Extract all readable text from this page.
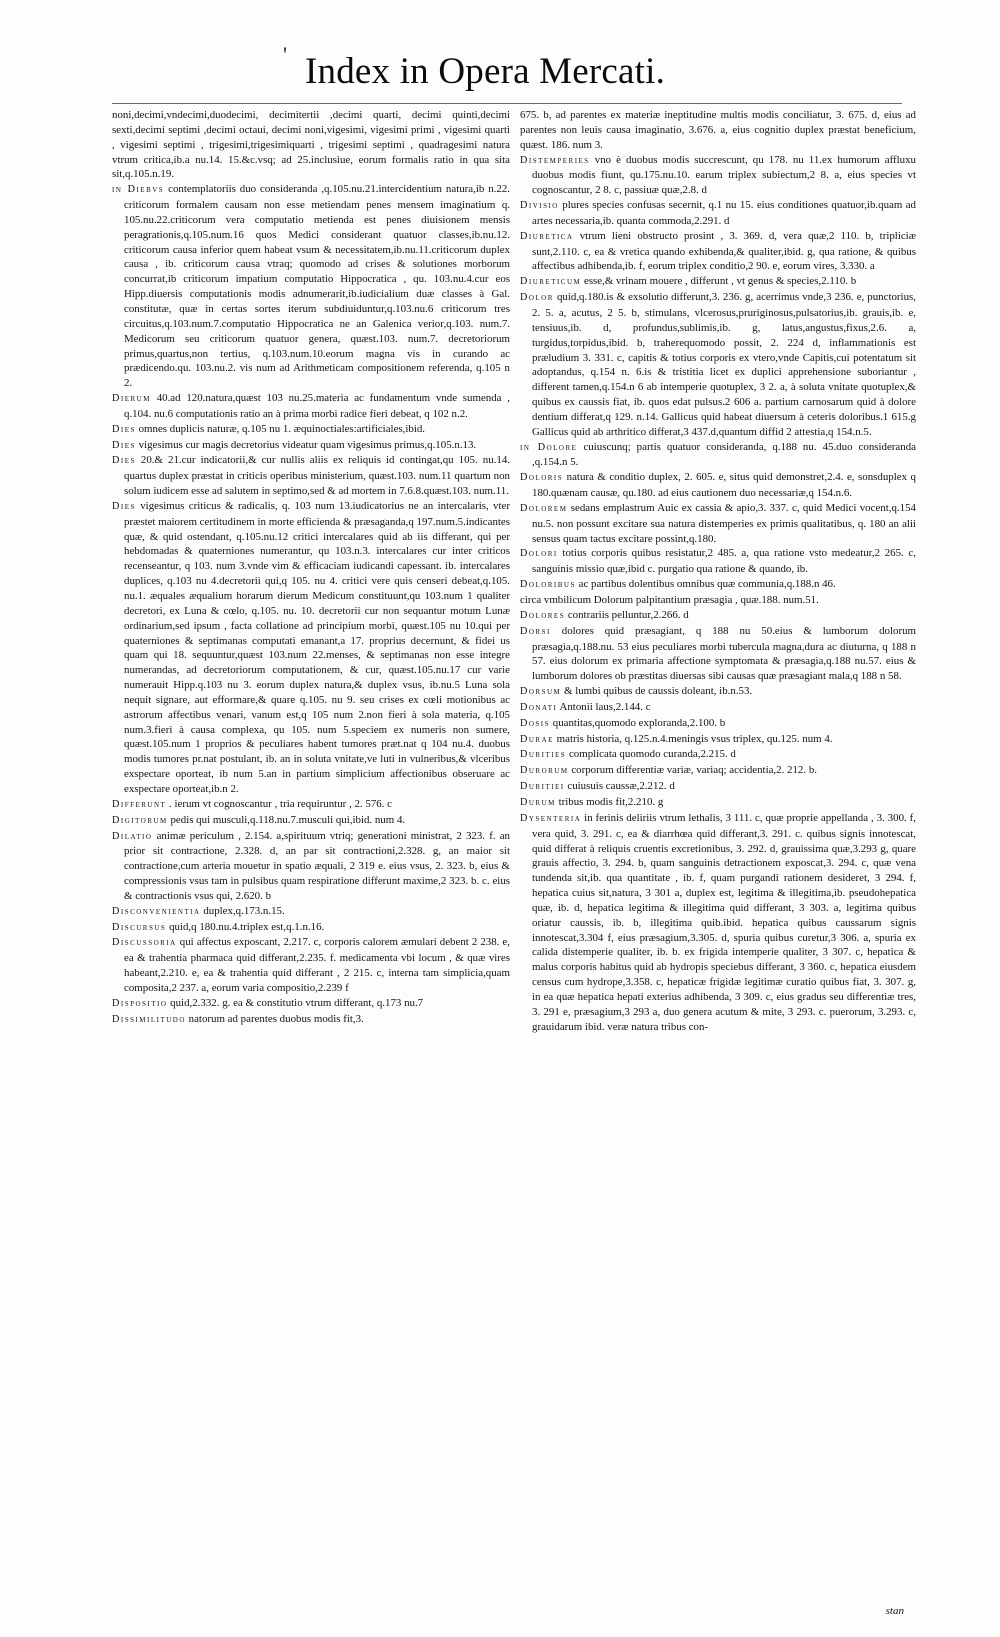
' Index in Opera Mercati.

noni,decimi,vndecimi,duodecimi, decimitertii ,decimi quarti, decimi quinti,decimi sexti,decimi septimi ,decimi octaui, decimi noni,vigesimi, vigesimi primi , vigesimi quarti , vigesimi septimi , trigesimi,trigesimiquarti , trigesimi septimi , quadragesimi natura vtrum critica,ib.a nu.14. 15.&c.vsq; ad 25.inclusiue, eorum formalis ratio in qua sita sit,q.105.n.19.

in Diebvs contemplatoriis duo consideranda ,q.105.nu.21.intercidentium natura,ib n.22. criticorum formalem causam non esse metiendam penes mensem imaginatium q. 105.nu.22.criticorum vera computatio metienda est penes diuisionem mensis peragrationis,q.105.num.16 quos Medici considerant quatuor classes,ib.nu.12. criticorum causa inferior quem habeat vsum & necessitatem,ib.nu.11.criticorum duplex causa , ib. criticorum causa vtraq; quomodo ad crises & solutiones morborum concurrat,ib criticorum impatium computatio Hippocratica , qu. 103.nu.4.cur eos Hipp.diuersis computationis modis adnumerarit,ib.iudicialium duæ classes à Gal. constitutæ, quæ in certas sortes iterum subdiuiduntur,q.103.nu.6 criticorum tres circuitus,q.103.num.7.computatio Hippocratica ne an Galenica verior,q.103. num.7. Medicorum seu criticorum quatuor genera, quæst.103. num.7. decretoriorum primus,quartus,non tertius, q.103.num.10.eorum magna vis in curando ac prædicendo.qu. 103.nu.2. vis num ad Arithmeticam compositionem referenda, q.105 n 2.

Dierum 40.ad 120.natura,quæst 103 nu.25.materia ac fundamentum vnde sumenda , q.104. nu.6 computationis ratio an à prima morbi radice fieri debeat, q 102 n.2.

Dies omnes duplicis naturæ, q.105 nu 1. æquinoctiales:artificiales,ibid.

Dies vigesimus cur magis decretorius videatur quam vigesimus primus,q.105.n.13.

Dies 20.& 21.cur indicatorii,& cur nullis aliis ex reliquis id contingat,qu 105. nu.14. quartus duplex præstat in criticis operibus ministerium, quæst.103. num.11 quartum non solum iudicem esse ad salutem in septimo,sed & ad mortem in 7.6.8.quæst.103. num.11.

Dies vigesimus criticus & radicalis, q. 103 num 13.iudicatorius ne an intercalaris, vter præstet maiorem certitudinem in morte efficienda & præsaganda,q 197.num.5.indicantes quæ, & quid ostendant, q.105.nu.12 critici intercalares quid ab iis differant, qui per hebdomadas & quaterniones numerantur, qu 103.n.3. intercalares cur inter criticos recenseantur, q 103. num 3.vnde vim & efficaciam iudicandi capessant. ib. intercalares duplices, q.103 nu 4.decretorii qui,q 105. nu 4. critici vere quis censeri debeat,q.105. nu.1. æquales æqualium horarum dierum Medicum constituunt,qu 103.num 1 qualiter decretori, ex Luna & cœlo, q.105. nu. 10. decretorii cur non sequantur motum Lunæ ordinarium,sed ipsum , facta collatione ad principium morbi, quæst.105 nu 10.qui per quaterniones & septimanas computati emanant,a 17. proprius decernunt, & fidei us quam qui 18. sequuntur,quæst 103.num 22.menses, & septimanas non esse integre numerandas, ad decretoriorum computationem, & cur, quæst.105.nu.17 cur varie numerauit Hipp.q.103 nu 3. eorum duplex natura,& duplex vsus, ib.nu.5 Luna sola nequit signare, aut efformare,& quare q.105. nu 9. seu crises ex cœli motionibus ac astrorum affectibus venari, vanum est,q 105 num 2.non fieri à sola materia, q.105 num.3.fieri à causa complexa, qu 105. num 5.speciem ex numeris non sumere, quæst.105.num 1 proprios & peculiares habent tumores præt.nat q 104 nu.4. duobus modis tumores pr.nat postulant, ib. an in soluta vnitate,ve luti in vulneribus,& vlceribus exspectare oporteat, ib num 5.an in partium simplicium affectionibus obseruare ac exspectare oporteat,ib.n 2.

Differunt . ierum vt cognoscantur , tria requiruntur , 2. 576. c

Digitorum pedis qui musculi,q.118.nu.7.musculi qui,ibid. num 4.

Dilatio animæ periculum , 2.154. a,spirituum vtriq; generationi ministrat, 2 323. f. an prior sit contractione, 2.328. d, an par sit contractioni,2.328. g, an maior sit contractione,cum arteria mouetur in spatio æquali, 2 319 e. eius vsus, 2. 323. b, eius & compressionis vsus tam in pulsibus quam respiratione differunt maxime,2 323. b. c. eius & contractionis vsus qui, 2.620. b

Disconvenientia duplex,q.173.n.15.

Discursus quid,q 180.nu.4.triplex est,q.1.n.16.

Discussoria qui affectus exposcant, 2.217. c, corporis calorem æmulari debent 2 238. e, ea & trahentia pharmaca quid differant,2.235. f. medicamenta vbi locum , & quæ vires habeant,2.210. e, ea & trahentia quid differant , 2 215. c, interna tam simplicia,quam composita,2 237. a, eorum varia compositio,2.239 f

Dispositio quid,2.332. g. ea & constitutio vtrum differant, q.173 nu.7

Dissimilitudo natorum ad parentes duobus modis fit,3.

675. b, ad parentes ex materiæ ineptitudine multis modis conciliatur, 3. 675. d, eius ad parentes non leuis causa imaginatio, 3.676. a, eius cognitio duplex præstat beneficium, quæst. 186. num 3.

Distemperies vno è duobus modis succrescunt, qu 178. nu 11.ex humorum affluxu duobus modis fiunt, qu.175.nu.10. earum triplex subiectum,2 8. a, eius species vt cognoscantur, 2 8. c, passiuæ quæ,2.8. d

Divisio plures species confusas secernit, q.1 nu 15. eius conditiones quatuor,ib.quam ad artes necessaria,ib. quanta commoda,2.291. d

Diuretica vtrum lieni obstructo prosint , 3. 369. d, vera quæ,2 110. b, tripliciæ sunt,2.110. c, ea & vretica quando exhibenda,& qualiter,ibid. g, qua ratione, & quibus affectibus adhibenda,ib. f, eorum triplex conditio,2 90. e, eorum vires, 3.330. a

Diureticum esse,& vrinam mouere , differunt , vt genus & species,2.110. b

Dolor quid,q.180.is & exsolutio differunt,3. 236. g, acerrimus vnde,3 236. e, punctorius, 2. 5. a, acutus, 2 5. b, stimulans, vlcerosus,pruriginosus,pulsatorius,ib. grauis,ib. e, tensiuus,ib. d, profundus,sublimis,ib. g, latus,angustus,fixus,2.6. a, turgidus,torpidus,ibid. b, traherequomodo possit, 2. 224 d, inflammationis est præludium 3. 331. c, capitis & totius corporis ex vtero,vnde Capitis,cui potentatum sit adoptandus, q.154 n. 6.is & tristitia licet ex duplici apprehensione suboriantur , different tamen,q.154.n 6 ab intemperie quotuplex, 3 2. a, à soluta vnitate quotuplex,& quibus ex caussis fiat, ib. quos edat pulsus.2 606 a. partium carnosarum quid à dolore dentium differat,q 129. n.14. Gallicus quid habeat diuersum à ceteris doloribus.1 615.g Gallicus quid ab arthritico differat,3 437.d,quantum diffid 2 attestia,q 154.n.5.

in Dolore cuiuscunq; partis quatuor consideranda, q.188 nu. 45.duo consideranda ,q.154.n 5.

Doloris natura & conditio duplex, 2. 605. e, situs quid demonstret,2.4. e, sonsduplex q 180.quænam causæ, qu.180. ad eius cautionem duo necessariæ,q 154.n.6.

Dolorem sedans emplastrum Auic ex cassia & apio,3. 337. c, quid Medici vocent,q.154 nu.5. non possunt excitare sua natura distemperies ex primis qualitatibus, q. 180 an alii sensus quam tactus excitare possint,q.180.

Dolori totius corporis quibus resistatur,2 485. a, qua ratione vsto medeatur,2 265. c, sanguinis missio quæ,ibid c. purgatio qua ratione & quando, ib.

Doloribus ac partibus dolentibus omnibus quæ communia,q.188.n 46.

circa vmbilicum Dolorum palpitantium præsagia , quæ.188. num.51.

Dolores contrariis pelluntur,2.266. d

Dorsi dolores quid præsagiant, q 188 nu 50.eius & lumborum dolorum præsagia,q.188.nu. 53 eius peculiares morbi tubercula magna,dura ac diuturna, q 188 n 57. eius dolorum ex primaria affectione symptomata & præsagia,q.188 nu.57. eius & lumborum dolores ob præstitas diuersas sibi causas quæ præsagiant mala,q 188 n 58.

Dorsum & lumbi quibus de caussis doleant, ib.n.53.

Donati Antonii laus,2.144. c

Dosis quantitas,quomodo exploranda,2.100. b

Durae matris historia, q.125.n.4.meningis vsus triplex, qu.125. num 4.

Durities complicata quomodo curanda,2.215. d

Durorum corporum differentiæ variæ, variaq; accidentia,2. 212. b.

Duritiei cuiusuis caussæ,2.212. d

Durum tribus modis fit,2.210. g

Dysenteria in ferinis deliriis vtrum lethalis, 3 111. c, quæ proprie appellanda , 3. 300. f, vera quid, 3. 291. c, ea & diarrhœa quid differant,3. 291. c. quibus signis innotescat, quid differat à reliquis cruentis excretionibus, 3. 292. d, grauissima quæ,3.293 g, quare grauis affectio, 3. 294. b, quam sanguinis detractionem exposcat,3. 294. c, quæ vena tundenda sit,ib. qua quantitate , ib. f, quam purgandi rationem desideret, 3 294. f, hepatica cuius sit,natura, 3 301 a, duplex est, legitima & illegitima,ib. pseudohepatica quæ, ib. d, hepatica legitima & illegitima quid differant, 3 303. a, legitima quibus oriatur caussis, ib. b, illegitima quib.ibid. hepatica quibus caussarum signis innotescat,3.304 f, eius præsagium,3.305. d, spuria quibus curetur,3 306. a, spuria ex calida distemperie qualiter, ib. b. ex frigida intemperie qualiter, 3 307. c, hepatica & malus corporis habitus quid ab hydropis speciebus differant, 3 360. c, hepatica eiusdem census cum hydrope,3.358. c, hepaticæ frigidæ legitimæ curatio quibus fiat, 3. 307. g, in ea quæ hepatica hepati exterius adhibenda, 3 309. c, eius gradus seu differentiæ tres, 3. 291 e, præsagium,3 293 a, duo genera acutum & mite, 3 293. c. puerorum, 3.293. c, grauidarum ibid. veræ natura tribus con-

stan
